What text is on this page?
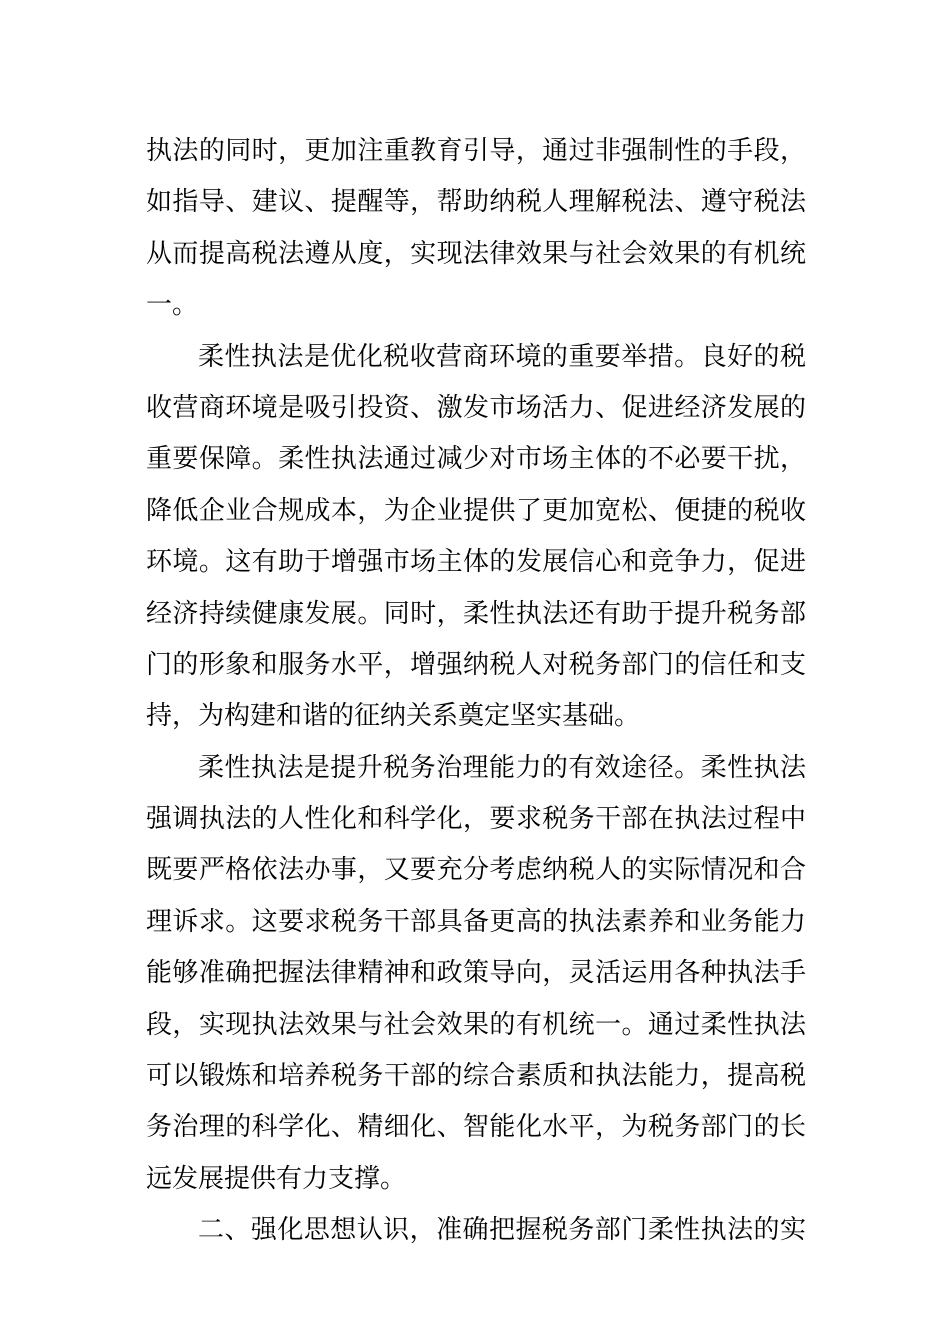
执法的同时，更加注重教育引导，通过非强制性的手段，
如指导、建议、提醒等，帮助纳税人理解税法、遵守税法
从而提高税法遵从度，实现法律效果与社会效果的有机统
一。
柔性执法是优化税收营商环境的重要举措。良好的税
收营商环境是吸引投资、激发市场活力、促进经济发展的
重要保障。柔性执法通过减少对市场主体的不必要干扰，
降低企业合规成本，为企业提供了更加宽松、便捷的税收
环境。这有助于增强市场主体的发展信心和竞争力，促进
经济持续健康发展。同时，柔性执法还有助于提升税务部
门的形象和服务水平，增强纳税人对税务部门的信任和支
持，为构建和谐的征纳关系奠定坚实基础。
柔性执法是提升税务治理能力的有效途径。柔性执法
强调执法的人性化和科学化，要求税务干部在执法过程中
既要严格依法办事，又要充分考虑纳税人的实际情况和合
理诉求。这要求税务干部具备更高的执法素养和业务能力
能够准确把握法律精神和政策导向，灵活运用各种执法手
段，实现执法效果与社会效果的有机统一。通过柔性执法
可以锻炼和培养税务干部的综合素质和执法能力，提高税
务治理的科学化、精细化、智能化水平，为税务部门的长
远发展提供有力支撑。
二、强化思想认识，准确把握税务部门柔性执法的实
